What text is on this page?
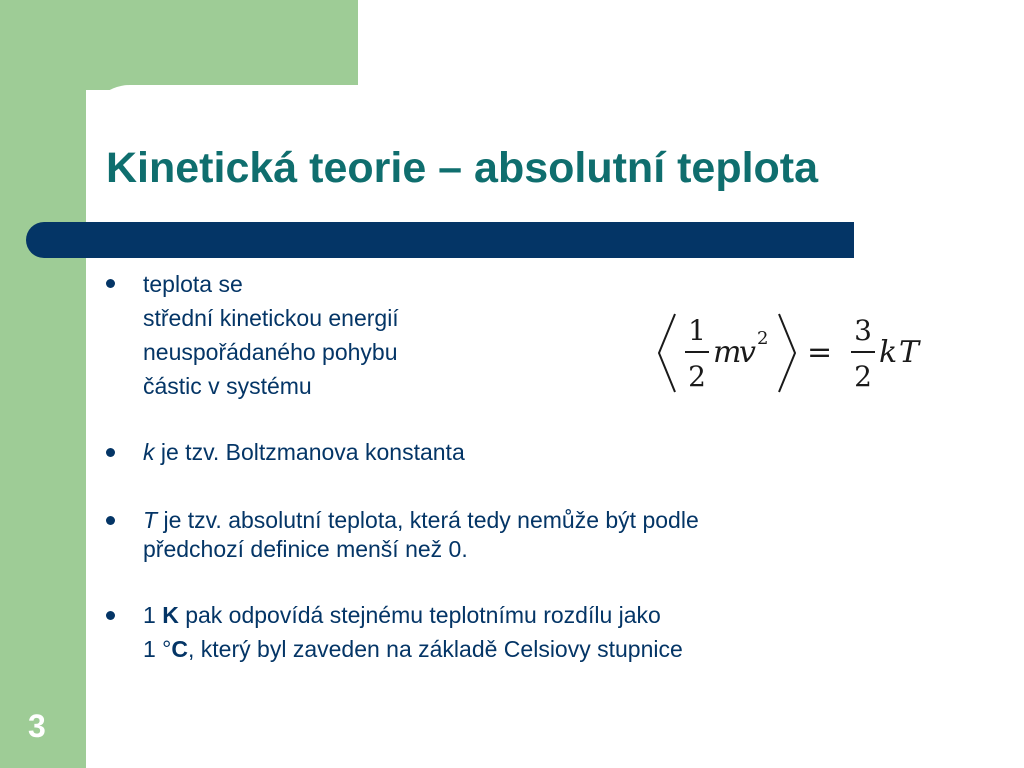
Kinetická teorie – absolutní teplota
teplota se
střední kinetickou energií
neuspořádaného pohybu
částic v systému
k je tzv. Boltzmanova konstanta
T je tzv. absolutní teplota, která tedy nemůže být podle
předchozí definice menší než 0.
1 K pak odpovídá stejnému teplotnímu rozdílu jako
1 °C, který byl zaveden na základě Celsiovy stupnice
1
2
m
v 2 =
3
2
k T
3
